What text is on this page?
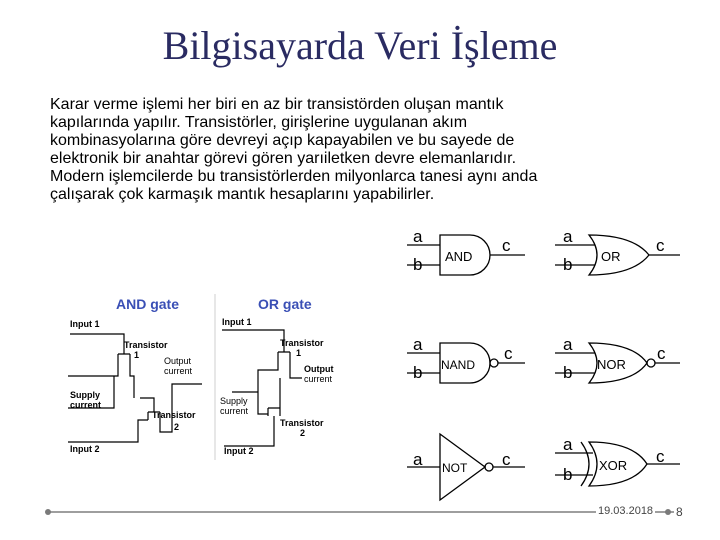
Bilgisayarda Veri İşleme
Karar verme işlemi her biri en az bir transistörden oluşan mantık
kapılarında yapılır. Transistörler, girişlerine uygulanan akım
kombinasyolarına göre devreyi açıp kapayabilen ve bu sayede de
elektronik bir anahtar görevi gören yarıiletken devre elemanlarıdır.
Modern işlemcilerde bu transistörlerden milyonlarca tanesi aynı anda
çalışarak çok karmaşık mantık hesaplarını yapabilirler.
AND gate	OR gate
Input 1
Transistor
1
Output
current
Supply
current
Transistor
2
Input 2
Input 1
Transistor
1
Output
current
Supply
current
Transistor
2
Input 2
a
b
c
AND
a
b
c
OR
a
b
c
NAND
a
b
c
NOR
a	c
NOT
a
b
c
XOR
19.03.2018 8
